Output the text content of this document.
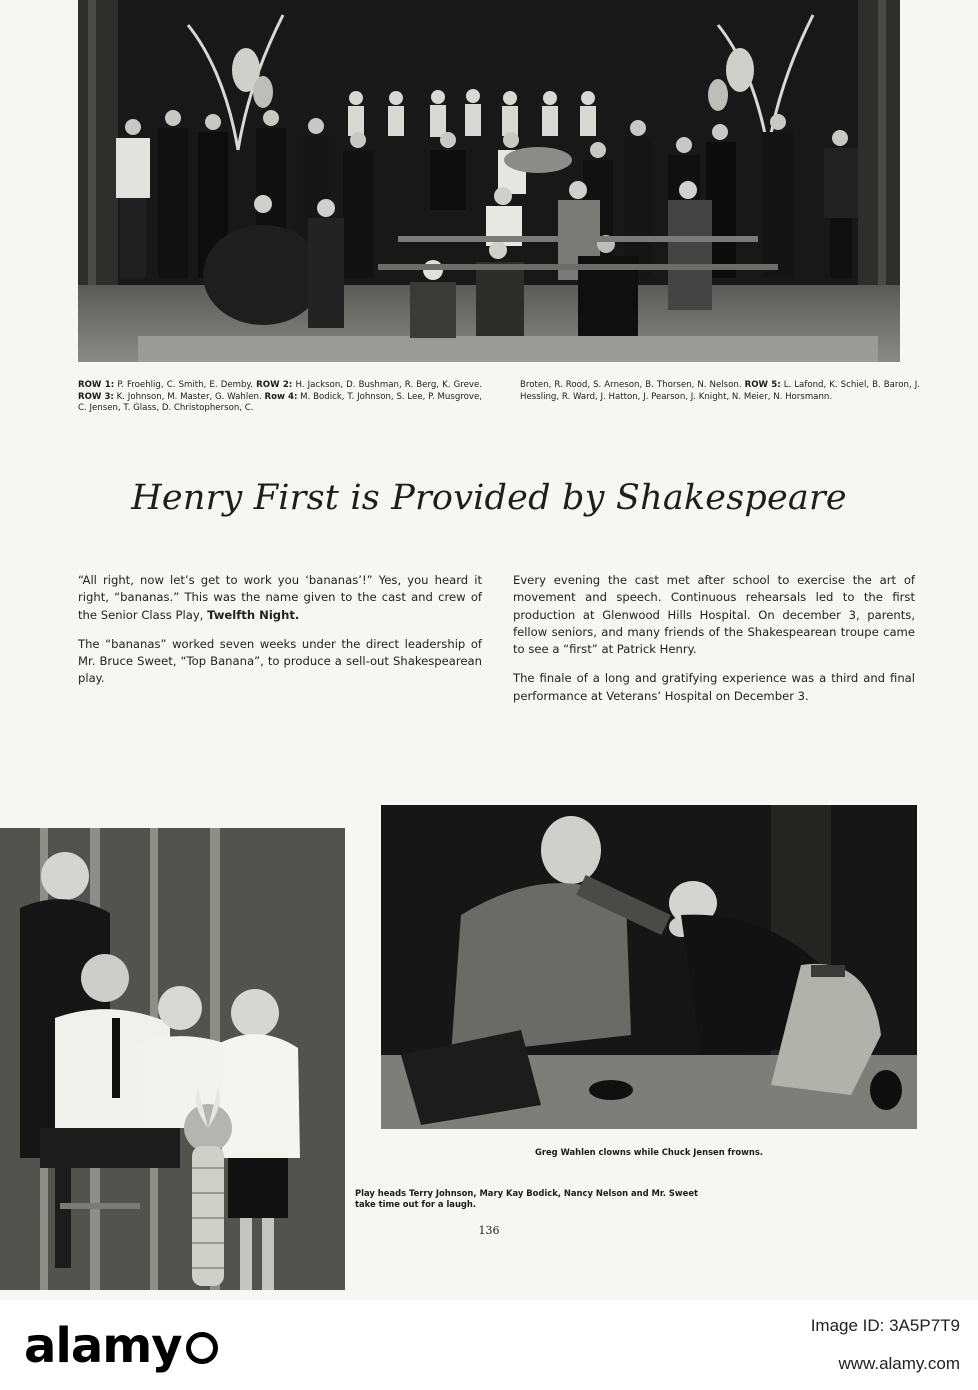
ROW 1: P. Froehlig, C. Smith, E. Demby. ROW 2: H. Jackson, D. Bushman, R. Berg, K. Greve. ROW 3: K. Johnson, M. Master, G. Wahlen. Row 4: M. Bodick, T. Johnson, S. Lee, P. Musgrove, C. Jensen, T. Glass, D. Christopherson, C.
Broten, R. Rood, S. Arneson, B. Thorsen, N. Nelson. ROW 5: L. Lafond, K. Schiel, B. Baron, J. Hessling, R. Ward, J. Hatton, J. Pearson, J. Knight, N. Meier, N. Horsmann.
Henry First is Provided by Shakespeare

“All right, now let’s get to work you ‘bananas’!” Yes, you heard it right, “bananas.” This was the name given to the cast and crew of the Senior Class Play, Twelfth Night.

The “bananas” worked seven weeks under the direct leadership of Mr. Bruce Sweet, “Top Banana”, to produce a sell-out Shakespearean play.

Every evening the cast met after school to exercise the art of movement and speech. Continuous rehearsals led to the first production at Glenwood Hills Hospital. On december 3, parents, fellow seniors, and many friends of the Shakespearean troupe came to see a “first” at Patrick Henry.

The finale of a long and gratifying experience was a third and final performance at Veterans’ Hospital on December 3.

Greg Wahlen clowns while Chuck Jensen frowns.
Play heads Terry Johnson, Mary Kay Bodick, Nancy Nelson and Mr. Sweet take time out for a laugh.
136
alamy	Image ID: 3A5P7T9
www.alamy.com
